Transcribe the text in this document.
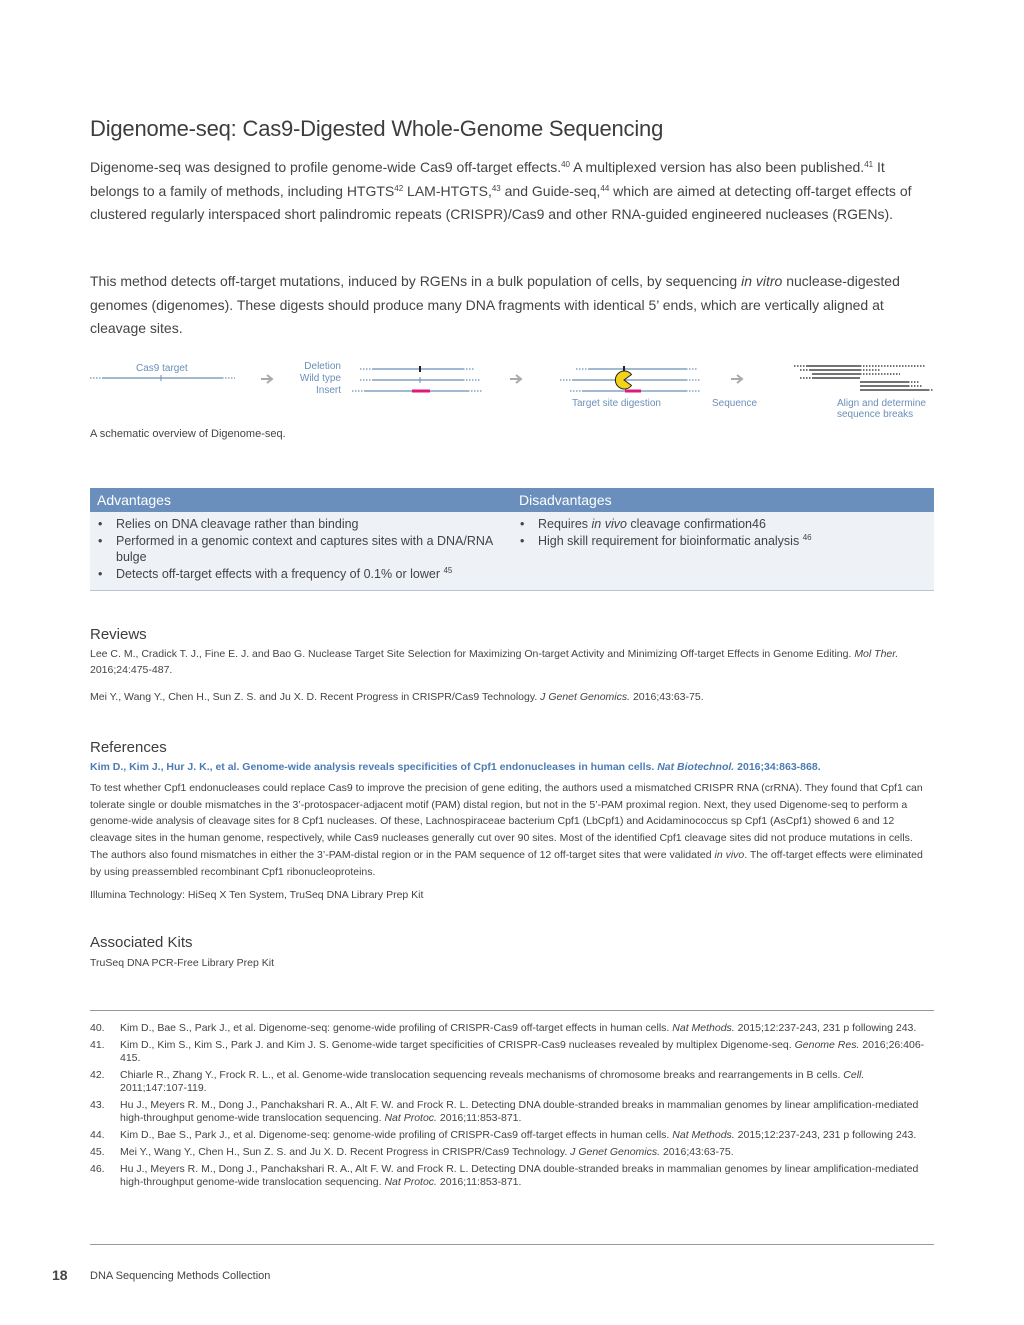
Digenome-seq: Cas9-Digested Whole-Genome Sequencing

Digenome-seq was designed to profile genome-wide Cas9 off-target effects.$^{40}$ A multiplexed version has also been published.$^{41}$ It belongs to a family of methods, including HTGTS$^{42}$ LAM-HTGTS,$^{43}$ and Guide-seq,$^{44}$ which are aimed at detecting off-target effects of clustered regularly interspaced short palindromic repeats (CRISPR)/Cas9 and other RNA-guided engineered nucleases (RGENs).

This method detects off-target mutations, induced by RGENs in a bulk population of cells, by sequencing in vitro nuclease-digested genomes (digenomes). These digests should produce many DNA fragments with identical 5’ ends, which are vertically aligned at cleavage sites.

Cas9 target	Deletion
Wild type
Insert
Target site digestion	Sequence	Align and determine
sequence breaks
A schematic overview of Digenome-seq.
Advantages	Disadvantages
• Relies on DNA cleavage rather than binding
• Performed in a genomic context and captures sites with a DNA/RNA bulge
• Detects off-target effects with a frequency of 0.1% or lower $^{45}$
• Requires in vivo cleavage confirmation46
• High skill requirement for bioinformatic analysis $^{46}$
Reviews

Lee C. M., Cradick T. J., Fine E. J. and Bao G. Nuclease Target Site Selection for Maximizing On-target Activity and Minimizing Off-target Effects in Genome Editing. Mol Ther. 2016;24:475-487.

Mei Y., Wang Y., Chen H., Sun Z. S. and Ju X. D. Recent Progress in CRISPR/Cas9 Technology. J Genet Genomics. 2016;43:63-75.

References

Kim D., Kim J., Hur J. K., et al. Genome-wide analysis reveals specificities of Cpf1 endonucleases in human cells. Nat Biotechnol. 2016;34:863-868.

To test whether Cpf1 endonucleases could replace Cas9 to improve the precision of gene editing, the authors used a mismatched CRISPR RNA (crRNA). They found that Cpf1 can tolerate single or double mismatches in the 3’-protospacer-adjacent motif (PAM) distal region, but not in the 5’-PAM proximal region. Next, they used Digenome-seq to perform a genome-wide analysis of cleavage sites for 8 Cpf1 nucleases. Of these, Lachnospiraceae bacterium Cpf1 (LbCpf1) and Acidaminococcus sp Cpf1 (AsCpf1) showed 6 and 12 cleavage sites in the human genome, respectively, while Cas9 nucleases generally cut over 90 sites. Most of the identified Cpf1 cleavage sites did not produce mutations in cells. The authors also found mismatches in either the 3’-PAM-distal region or in the PAM sequence of 12 off-target sites that were validated in vivo. The off-target effects were eliminated by using preassembled recombinant Cpf1 ribonucleoproteins.

Illumina Technology: HiSeq X Ten System, TruSeq DNA Library Prep Kit

Associated Kits

TruSeq DNA PCR-Free Library Prep Kit

40.	Kim D., Bae S., Park J., et al. Digenome-seq: genome-wide profiling of CRISPR-Cas9 off-target effects in human cells. Nat Methods. 2015;12:237-243, 231 p following 243.
41.	Kim D., Kim S., Kim S., Park J. and Kim J. S. Genome-wide target specificities of CRISPR-Cas9 nucleases revealed by multiplex Digenome-seq. Genome Res. 2016;26:406-415.
42.	Chiarle R., Zhang Y., Frock R. L., et al. Genome-wide translocation sequencing reveals mechanisms of chromosome breaks and rearrangements in B cells. Cell. 2011;147:107-119.
43.	Hu J., Meyers R. M., Dong J., Panchakshari R. A., Alt F. W. and Frock R. L. Detecting DNA double-stranded breaks in mammalian genomes by linear amplification-mediated high-throughput genome-wide translocation sequencing. Nat Protoc. 2016;11:853-871.
44.	Kim D., Bae S., Park J., et al. Digenome-seq: genome-wide profiling of CRISPR-Cas9 off-target effects in human cells. Nat Methods. 2015;12:237-243, 231 p following 243.
45.	Mei Y., Wang Y., Chen H., Sun Z. S. and Ju X. D. Recent Progress in CRISPR/Cas9 Technology. J Genet Genomics. 2016;43:63-75.
46.	Hu J., Meyers R. M., Dong J., Panchakshari R. A., Alt F. W. and Frock R. L. Detecting DNA double-stranded breaks in mammalian genomes by linear amplification-mediated high-throughput genome-wide translocation sequencing. Nat Protoc. 2016;11:853-871.
18 DNA Sequencing Methods Collection
